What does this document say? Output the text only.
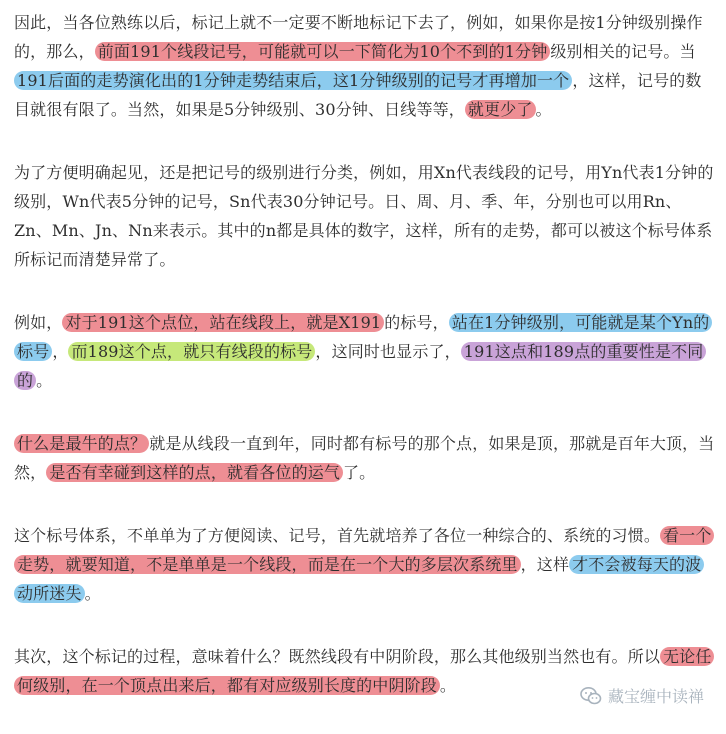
因此，当各位熟练以后，标记上就不一定要不断地标记下去了，例如，如果你是按1分钟级别操作的，那么， 前面191个线段记号，可能就可以一下简化为10个不到的1分钟 级别相关的记号。当191后面的走势演化出的1分钟走势结束后，这1分钟级别的记号才再增加一个 ，这样，记号的数目就很有限了。当然，如果是5分钟级别、30分钟、日线等等， 就更少了 。

为了方便明确起见，还是把记号的级别进行分类，例如，用Xn代表线段的记号，用Yn代表1分钟的级别，Wn代表5分钟的记号，Sn代表30分钟记号。日、周、月、季、年，分别也可以用Rn、Zn、Mn、Jn、Nn来表示。其中的n都是具体的数字，这样，所有的走势，都可以被这个标号体系所标记而清楚异常了。

例如， 对于191这个点位，站在线段上，就是X191 的标号， 站在1分钟级别，可能就是某个Yn的标号 ， 而189这个点，就只有线段的标号 ，这同时也显示了， 191这点和189点的重要性是不同的 。

什么是最牛的点？ 就是从线段一直到年，同时都有标号的那个点，如果是顶，那就是百年大顶，当然， 是否有幸碰到这样的点，就看各位的运气 了。

这个标号体系，不单单为了方便阅读、记号，首先就培养了各位一种综合的、系统的习惯。 看一个走势，就要知道，不是单单是一个线段，而是在一个大的多层次系统里 ，这样 才不会被每天的波动所迷失 。

其次，这个标记的过程，意味着什么？既然线段有中阴阶段，那么其他级别当然也有。所以 无论任何级别，在一个顶点出来后，都有对应级别长度的中阴阶段 。

藏宝缠中读禅
